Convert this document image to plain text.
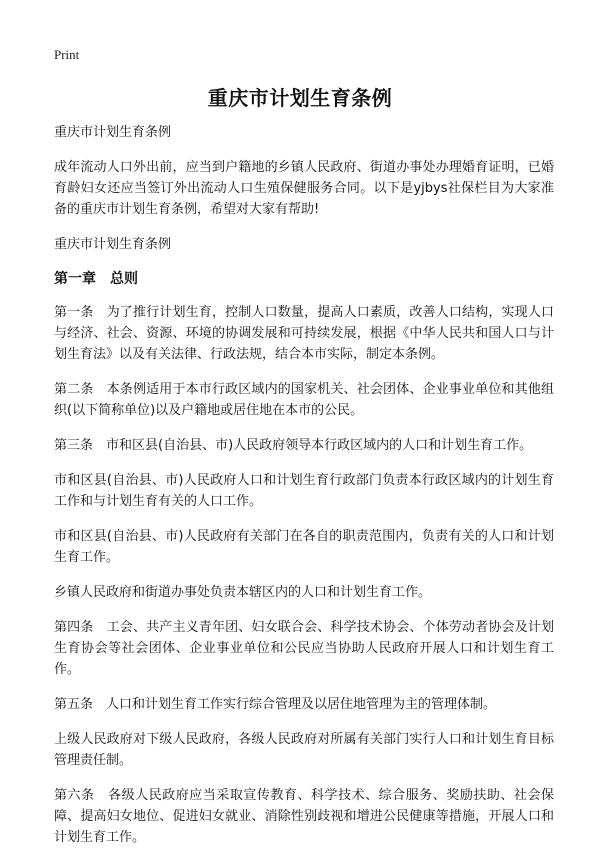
Print
重庆市计划生育条例

重庆市计划生育条例

成年流动人口外出前，应当到户籍地的乡镇人民政府、街道办事处办理婚育证明，已婚育龄妇女还应当签订外出流动人口生殖保健服务合同。以下是yjbys社保栏目为大家准备的重庆市计划生育条例，希望对大家有帮助!

重庆市计划生育条例

第一章　总则

第一条　为了推行计划生育，控制人口数量，提高人口素质，改善人口结构，实现人口与经济、社会、资源、环境的协调发展和可持续发展，根据《中华人民共和国人口与计划生育法》以及有关法律、行政法规，结合本市实际，制定本条例。

第二条　本条例适用于本市行政区域内的国家机关、社会团体、企业事业单位和其他组织(以下简称单位)以及户籍地或居住地在本市的公民。

第三条　市和区县(自治县、市)人民政府领导本行政区域内的人口和计划生育工作。

市和区县(自治县、市)人民政府人口和计划生育行政部门负责本行政区域内的计划生育工作和与计划生育有关的人口工作。

市和区县(自治县、市)人民政府有关部门在各自的职责范围内，负责有关的人口和计划生育工作。

乡镇人民政府和街道办事处负责本辖区内的人口和计划生育工作。

第四条　工会、共产主义青年团、妇女联合会、科学技术协会、个体劳动者协会及计划生育协会等社会团体、企业事业单位和公民应当协助人民政府开展人口和计划生育工作。

第五条　人口和计划生育工作实行综合管理及以居住地管理为主的管理体制。

上级人民政府对下级人民政府，各级人民政府对所属有关部门实行人口和计划生育目标管理责任制。

第六条　各级人民政府应当采取宣传教育、科学技术、综合服务、奖励扶助、社会保障、提高妇女地位、促进妇女就业、消除性别歧视和增进公民健康等措施，开展人口和计划生育工作。
